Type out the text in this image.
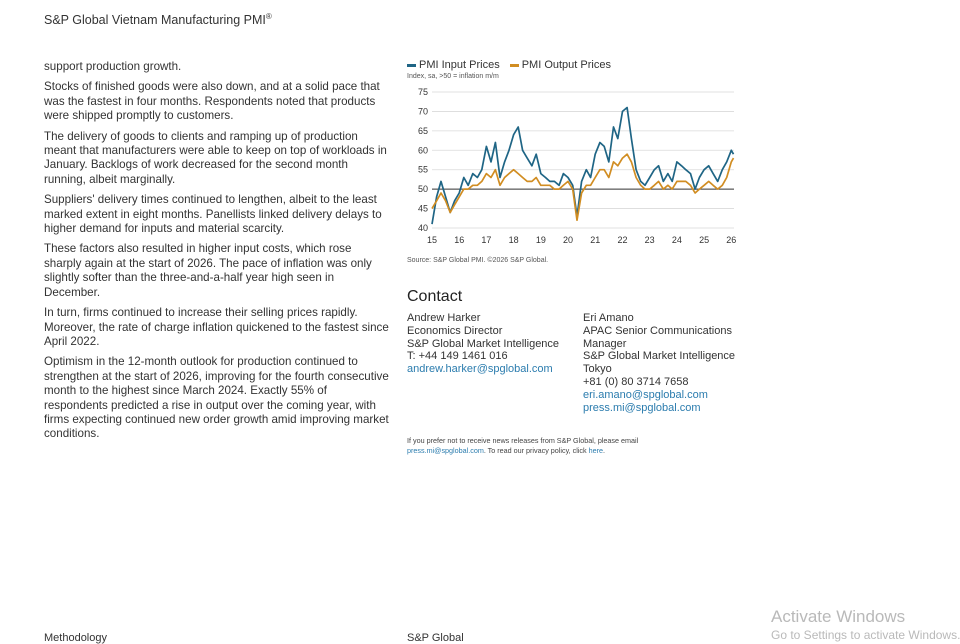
S&P Global Vietnam Manufacturing PMI®

support production growth.

Stocks of finished goods were also down, and at a solid pace that was the fastest in four months. Respondents noted that products were shipped promptly to customers.

The delivery of goods to clients and ramping up of production meant that manufacturers were able to keep on top of workloads in January. Backlogs of work decreased for the second month running, albeit marginally.

Suppliers' delivery times continued to lengthen, albeit to the least marked extent in eight months. Panellists linked delivery delays to higher demand for inputs and material scarcity.

These factors also resulted in higher input costs, which rose sharply again at the start of 2026. The pace of inflation was only slightly softer than the three-and-a-half year high seen in December.

In turn, firms continued to increase their selling prices rapidly. Moreover, the rate of charge inflation quickened to the fastest since April 2022.

Optimism in the 12-month outlook for production continued to strengthen at the start of 2026, improving for the fourth consecutive month to the highest since March 2024. Exactly 55% of respondents predicted a rise in output over the coming year, with firms expecting continued new order growth amid improving market conditions.

PMI Input Prices PMI Output Prices
Index, sa, >50 = inflation m/m
40
45
50
55
60
65
70
75
15 16 17 18 19 20 21 22 23 24 25 26
Source: S&P Global PMI. ©2026 S&P Global.
Contact
Andrew Harker
Economics Director
S&P Global Market Intelligence
T: +44 149 1461 016
andrew.harker@spglobal.com
Eri Amano
APAC Senior Communications Manager
S&P Global Market Intelligence
Tokyo
+81 (0) 80 3714 7658
eri.amano@spglobal.com
press.mi@spglobal.com
If you prefer not to receive news releases from S&P Global, please email
press.mi@spglobal.com. To read our privacy policy, click here.
Methodology	S&P Global
Activate Windows
Go to Settings to activate Windows.
